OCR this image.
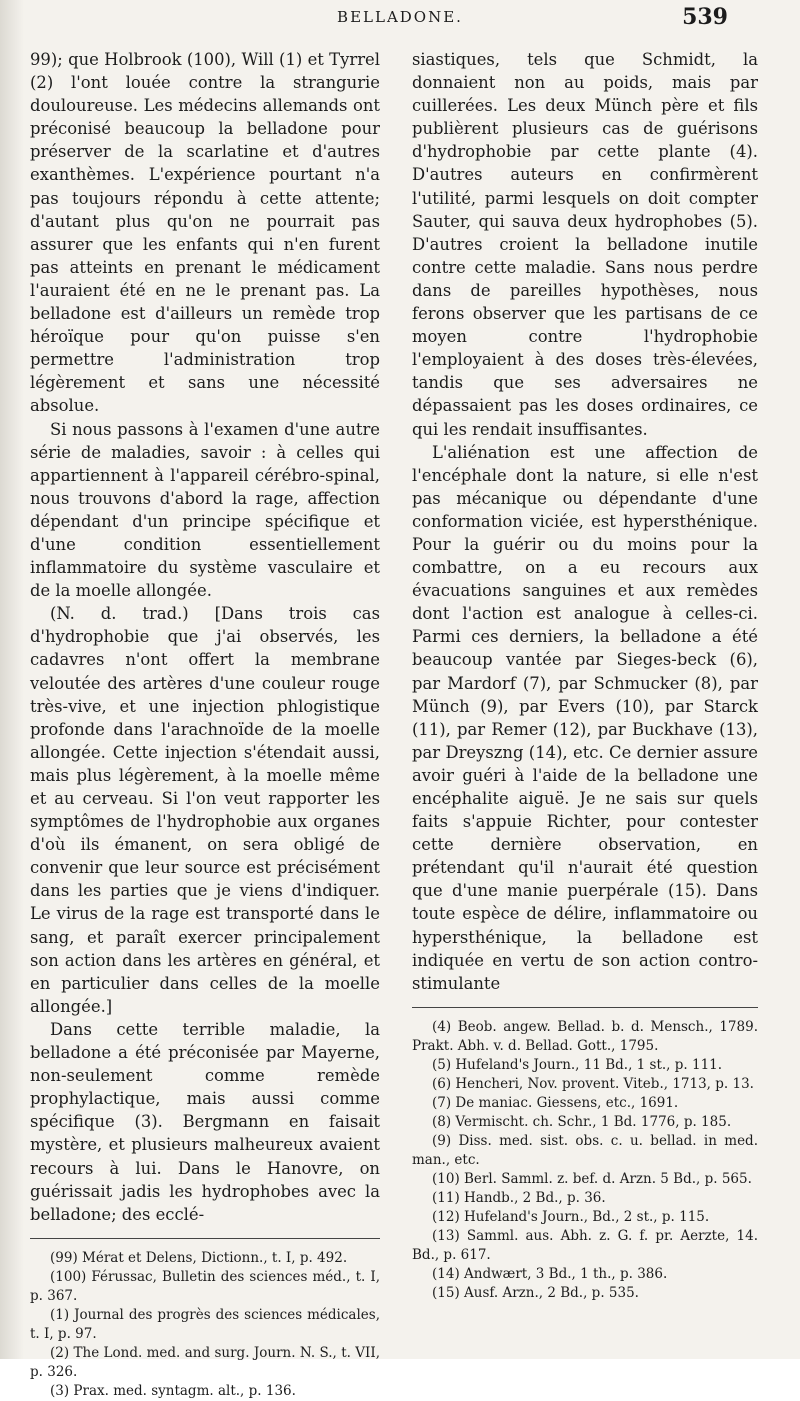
BELLADONE.	539

99); que Holbrook (100), Will (1) et Tyrrel (2) l'ont louée contre la strangurie douloureuse. Les médecins allemands ont préconisé beaucoup la belladone pour préserver de la scarlatine et d'autres exanthèmes. L'expérience pourtant n'a pas toujours répondu à cette attente; d'autant plus qu'on ne pourrait pas assurer que les enfants qui n'en furent pas atteints en prenant le médicament l'auraient été en ne le prenant pas. La belladone est d'ailleurs un remède trop héroïque pour qu'on puisse s'en permettre l'administration trop légèrement et sans une nécessité absolue.

Si nous passons à l'examen d'une autre série de maladies, savoir : à celles qui appartiennent à l'appareil cérébro-spinal, nous trouvons d'abord la rage, affection dépendant d'un principe spécifique et d'une condition essentiellement inflammatoire du système vasculaire et de la moelle allongée.

(N. d. trad.) [Dans trois cas d'hydrophobie que j'ai observés, les cadavres n'ont offert la membrane veloutée des artères d'une couleur rouge très-vive, et une injection phlogistique profonde dans l'arachnoïde de la moelle allongée. Cette injection s'étendait aussi, mais plus légèrement, à la moelle même et au cerveau. Si l'on veut rapporter les symptômes de l'hydrophobie aux organes d'où ils émanent, on sera obligé de convenir que leur source est précisément dans les parties que je viens d'indiquer. Le virus de la rage est transporté dans le sang, et paraît exercer principalement son action dans les artères en général, et en particulier dans celles de la moelle allongée.]

Dans cette terrible maladie, la belladone a été préconisée par Mayerne, non-seulement comme remède prophylactique, mais aussi comme spécifique (3). Bergmann en faisait mystère, et plusieurs malheureux avaient recours à lui. Dans le Hanovre, on guérissait jadis les hydrophobes avec la belladone; des ecclé-

(99) Mérat et Delens, Dictionn., t. I, p. 492.
(100) Férussac, Bulletin des sciences méd., t. I, p. 367.
(1) Journal des progrès des sciences médicales, t. I, p. 97.
(2) The Lond. med. and surg. Journ. N. S., t. VII, p. 326.
(3) Prax. med. syntagm. alt., p. 136.

siastiques, tels que Schmidt, la donnaient non au poids, mais par cuillerées. Les deux Münch père et fils publièrent plusieurs cas de guérisons d'hydrophobie par cette plante (4). D'autres auteurs en confirmèrent l'utilité, parmi lesquels on doit compter Sauter, qui sauva deux hydrophobes (5). D'autres croient la belladone inutile contre cette maladie. Sans nous perdre dans de pareilles hypothèses, nous ferons observer que les partisans de ce moyen contre l'hydrophobie l'employaient à des doses très-élevées, tandis que ses adversaires ne dépassaient pas les doses ordinaires, ce qui les rendait insuffisantes.

L'aliénation est une affection de l'encéphale dont la nature, si elle n'est pas mécanique ou dépendante d'une conformation viciée, est hypersthénique. Pour la guérir ou du moins pour la combattre, on a eu recours aux évacuations sanguines et aux remèdes dont l'action est analogue à celles-ci. Parmi ces derniers, la belladone a été beaucoup vantée par Sieges-beck (6), par Mardorf (7), par Schmucker (8), par Münch (9), par Evers (10), par Starck (11), par Remer (12), par Buckhave (13), par Dreyszng (14), etc. Ce dernier assure avoir guéri à l'aide de la belladone une encéphalite aiguë. Je ne sais sur quels faits s'appuie Richter, pour contester cette dernière observation, en prétendant qu'il n'aurait été question que d'une manie puerpérale (15). Dans toute espèce de délire, inflammatoire ou hypersthénique, la belladone est indiquée en vertu de son action contro-stimulante

(4) Beob. angew. Bellad. b. d. Mensch., 1789. Prakt. Abh. v. d. Bellad. Gott., 1795.
(5) Hufeland's Journ., 11 Bd., 1 st., p. 111.
(6) Hencheri, Nov. provent. Viteb., 1713, p. 13.
(7) De maniac. Giessens, etc., 1691.
(8) Vermischt. ch. Schr., 1 Bd. 1776, p. 185.
(9) Diss. med. sist. obs. c. u. bellad. in med. man., etc.
(10) Berl. Samml. z. bef. d. Arzn. 5 Bd., p. 565.
(11) Handb., 2 Bd., p. 36.
(12) Hufeland's Journ., Bd., 2 st., p. 115.
(13) Samml. aus. Abh. z. G. f. pr. Aerzte, 14. Bd., p. 617.
(14) Andwært, 3 Bd., 1 th., p. 386.
(15) Ausf. Arzn., 2 Bd., p. 535.
